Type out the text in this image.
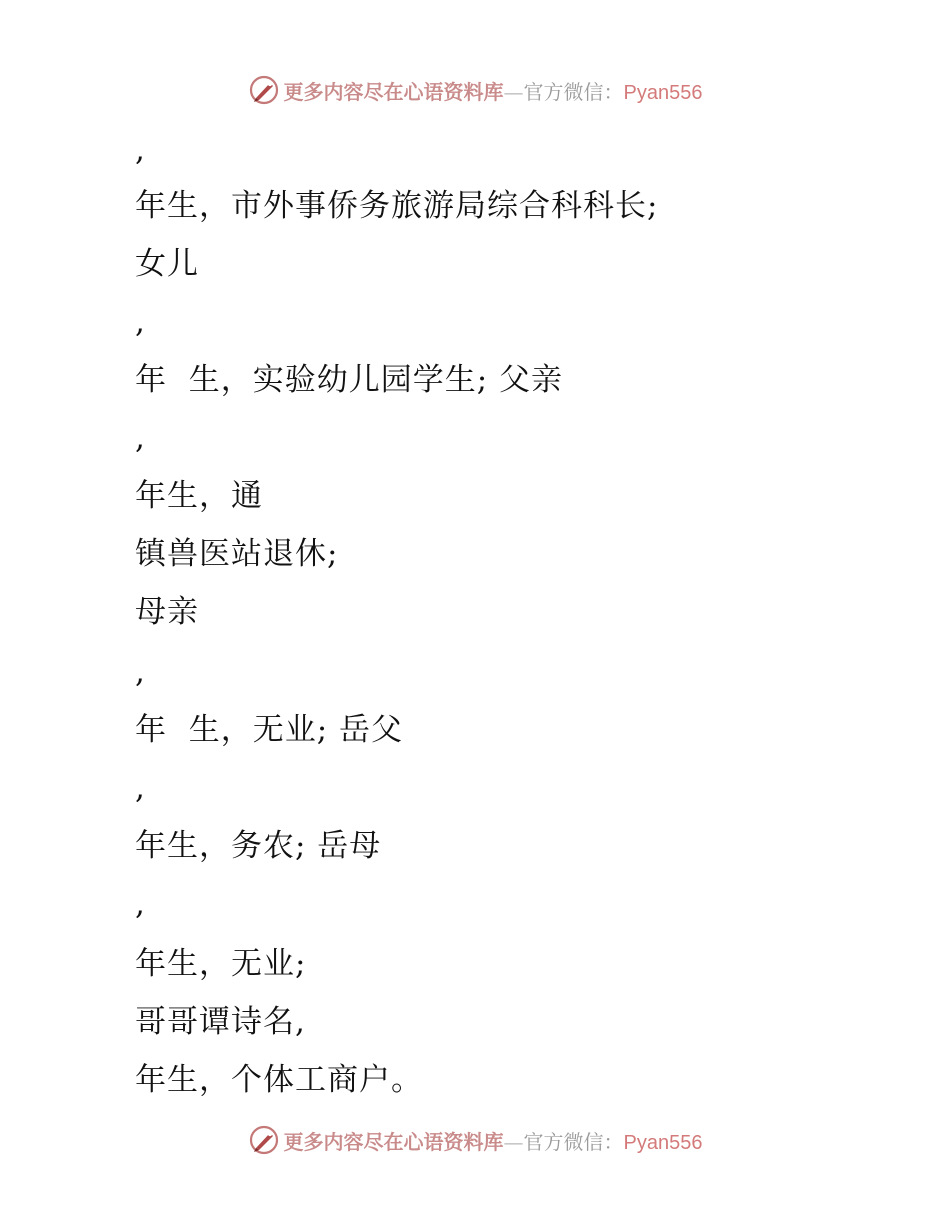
更多内容尽在心语资料库—官方微信：Pyan556
,
年生，市外事侨务旅游局综合科科长;
女儿
,
年  生，实验幼儿园学生; 父亲
,
年生，通
镇兽医站退休;
母亲
,
年  生，无业; 岳父
,
年生，务农; 岳母
,
年生，无业;
哥哥谭诗名,
年生，个体工商户。
更多内容尽在心语资料库—官方微信：Pyan556
